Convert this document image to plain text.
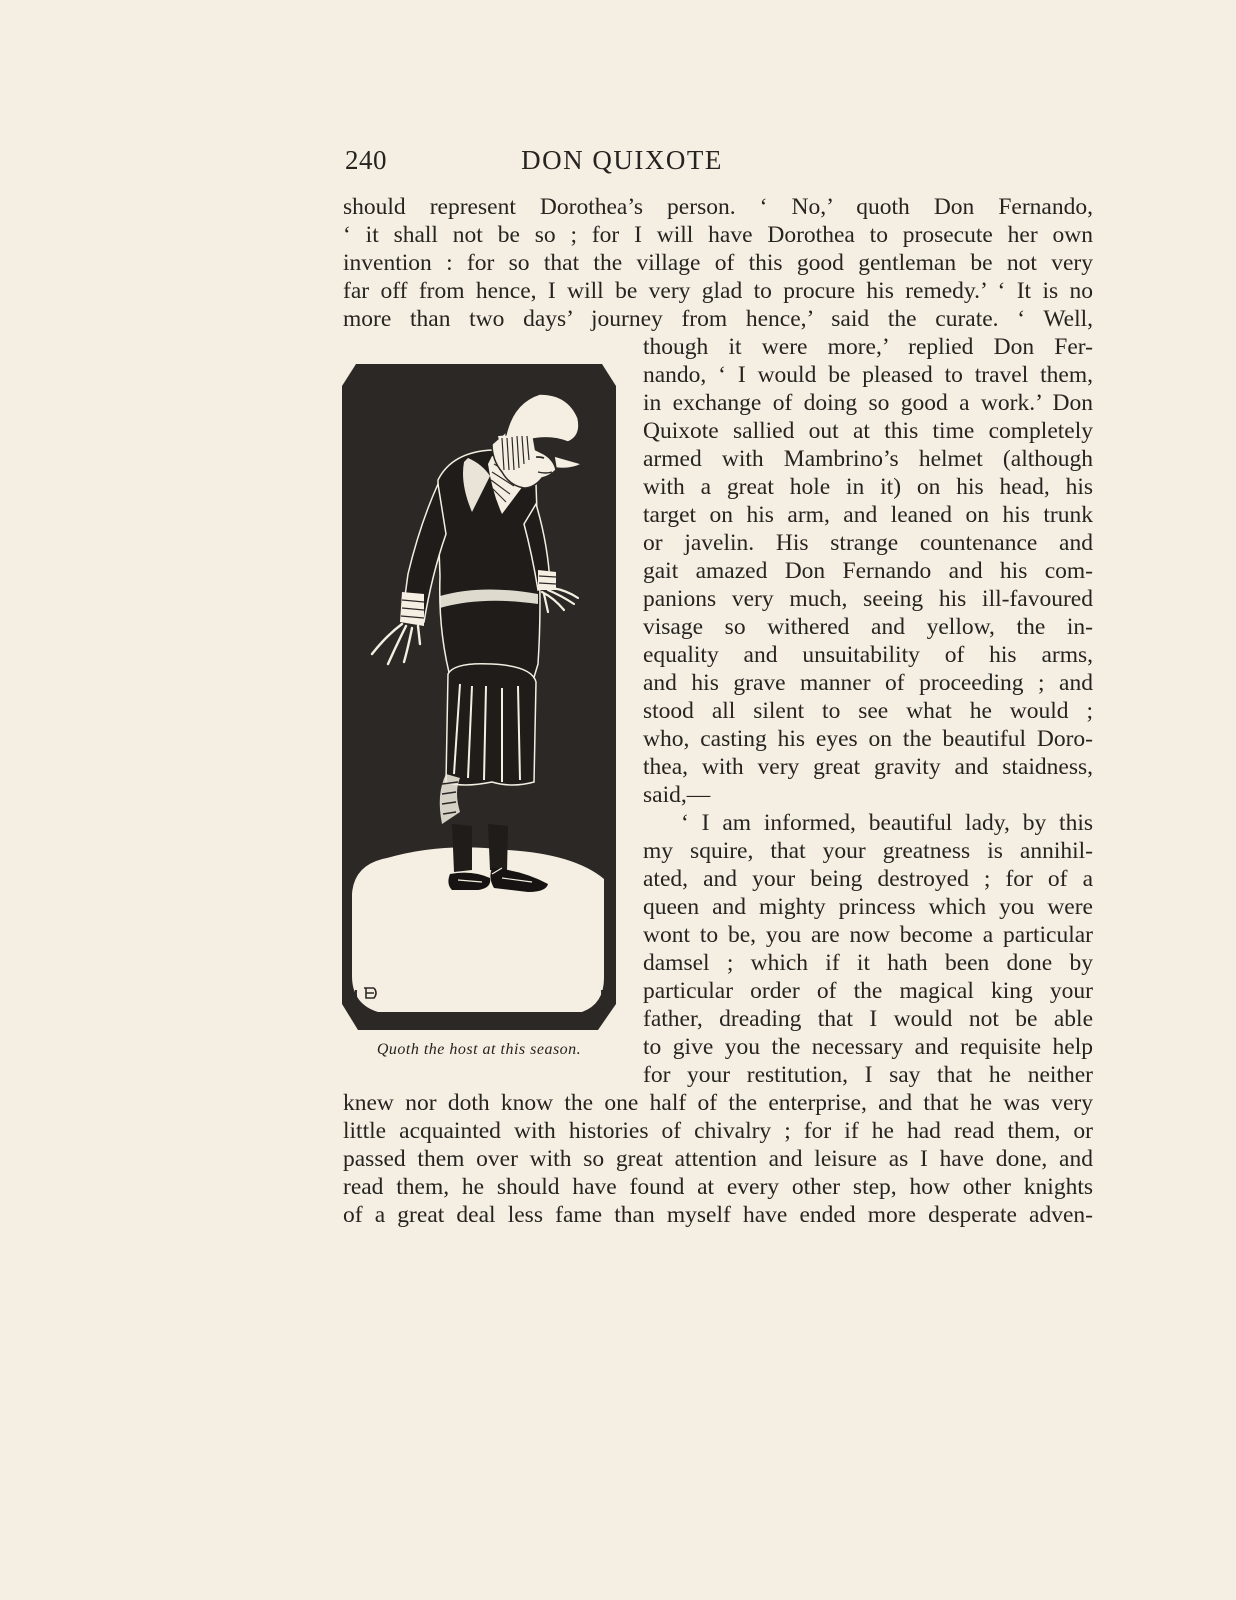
240	DON QUIXOTE
should represent Dorothea’s person. ‘ No,’ quoth Don Fernando,
‘ it shall not be so ; for I will have Dorothea to prosecute her own
invention : for so that the village of this good gentleman be not very
far off from hence, I will be very glad to procure his remedy.’ ‘ It is no
more than two days’ journey from hence,’ said the curate. ‘ Well,
though it were more,’ replied Don Fer-
nando, ‘ I would be pleased to travel them,
in exchange of doing so good a work.’ Don
Quixote sallied out at this time completely
armed with Mambrino’s helmet (although
with a great hole in it) on his head, his
target on his arm, and leaned on his trunk
or javelin. His strange countenance and
gait amazed Don Fernando and his com-
panions very much, seeing his ill-favoured
visage so withered and yellow, the in-
equality and unsuitability of his arms,
and his grave manner of proceeding ; and
stood all silent to see what he would ;
who, casting his eyes on the beautiful Doro-
thea, with very great gravity and staidness,
said,—
‘ I am informed, beautiful lady, by this
my squire, that your greatness is annihil-
ated, and your being destroyed ; for of a
queen and mighty princess which you were
wont to be, you are now become a particular
damsel ; which if it hath been done by
particular order of the magical king your
father, dreading that I would not be able
to give you the necessary and requisite help
for your restitution, I say that he neither
knew nor doth know the one half of the enterprise, and that he was very
little acquainted with histories of chivalry ; for if he had read them, or
passed them over with so great attention and leisure as I have done, and
read them, he should have found at every other step, how other knights
of a great deal less fame than myself have ended more desperate adven-
Quoth the host at this season.
